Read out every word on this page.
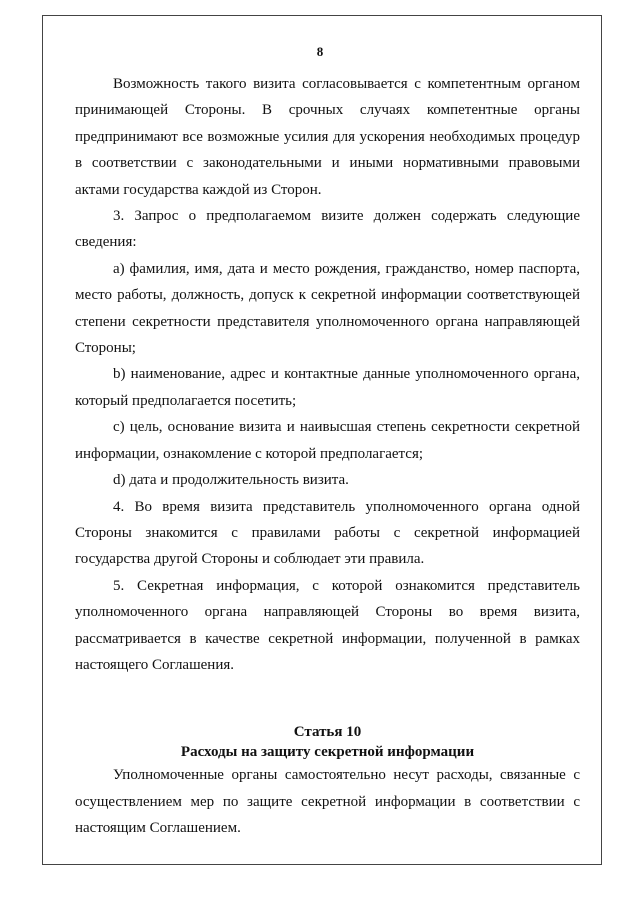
8

Возможность такого визита согласовывается с компетентным органом принимающей Стороны. В срочных случаях компетентные органы предпринимают все возможные усилия для ускорения необходимых процедур в соответствии с законодательными и иными нормативными правовыми актами государства каждой из Сторон.

3. Запрос о предполагаемом визите должен содержать следующие сведения:

а) фамилия, имя, дата и место рождения, гражданство, номер паспорта, место работы, должность, допуск к секретной информации соответствующей степени секретности представителя уполномоченного органа направляющей Стороны;

b) наименование, адрес и контактные данные уполномоченного органа, который предполагается посетить;

c) цель, основание визита и наивысшая степень секретности секретной информации, ознакомление с которой предполагается;

d) дата и продолжительность визита.

4. Во время визита представитель уполномоченного органа одной Стороны знакомится с правилами работы с секретной информацией государства другой Стороны и соблюдает эти правила.

5. Секретная информация, с которой ознакомится представитель уполномоченного органа направляющей Стороны во время визита, рассматривается в качестве секретной информации, полученной в рамках настоящего Соглашения.

Статья 10
Расходы на защиту секретной информации

Уполномоченные органы самостоятельно несут расходы, связанные с осуществлением мер по защите секретной информации в соответствии с настоящим Соглашением.
